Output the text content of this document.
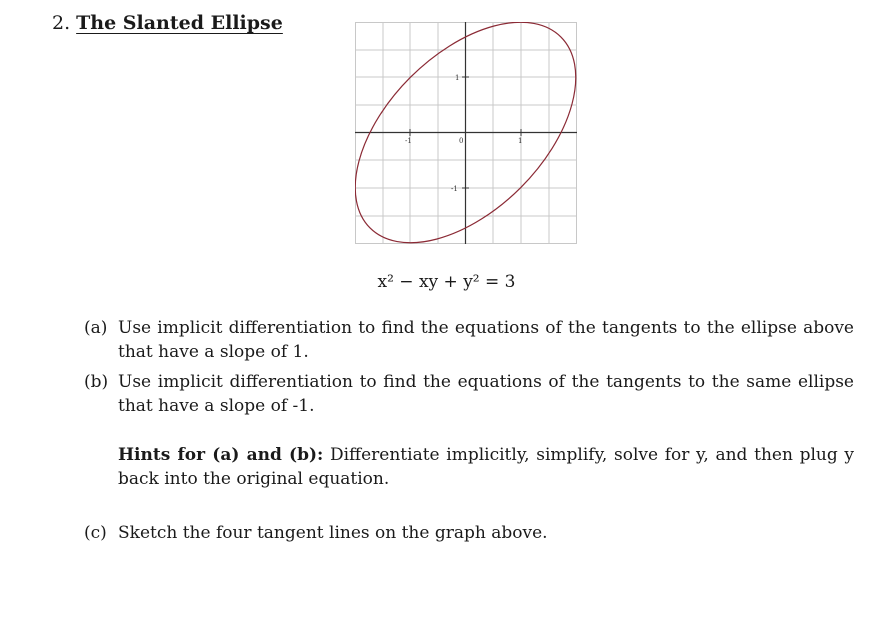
2. The Slanted Ellipse
-1	0	1
1
-1
x² − xy + y² = 3
(a) Use implicit differentiation to find the equations of the tangents to the ellipse above that have a slope of 1.
(b) Use implicit differentiation to find the equations of the tangents to the same ellipse that have a slope of -1.
Hints for (a) and (b): Differentiate implicitly, simplify, solve for y, and then plug y back into the original equation.
(c) Sketch the four tangent lines on the graph above.
